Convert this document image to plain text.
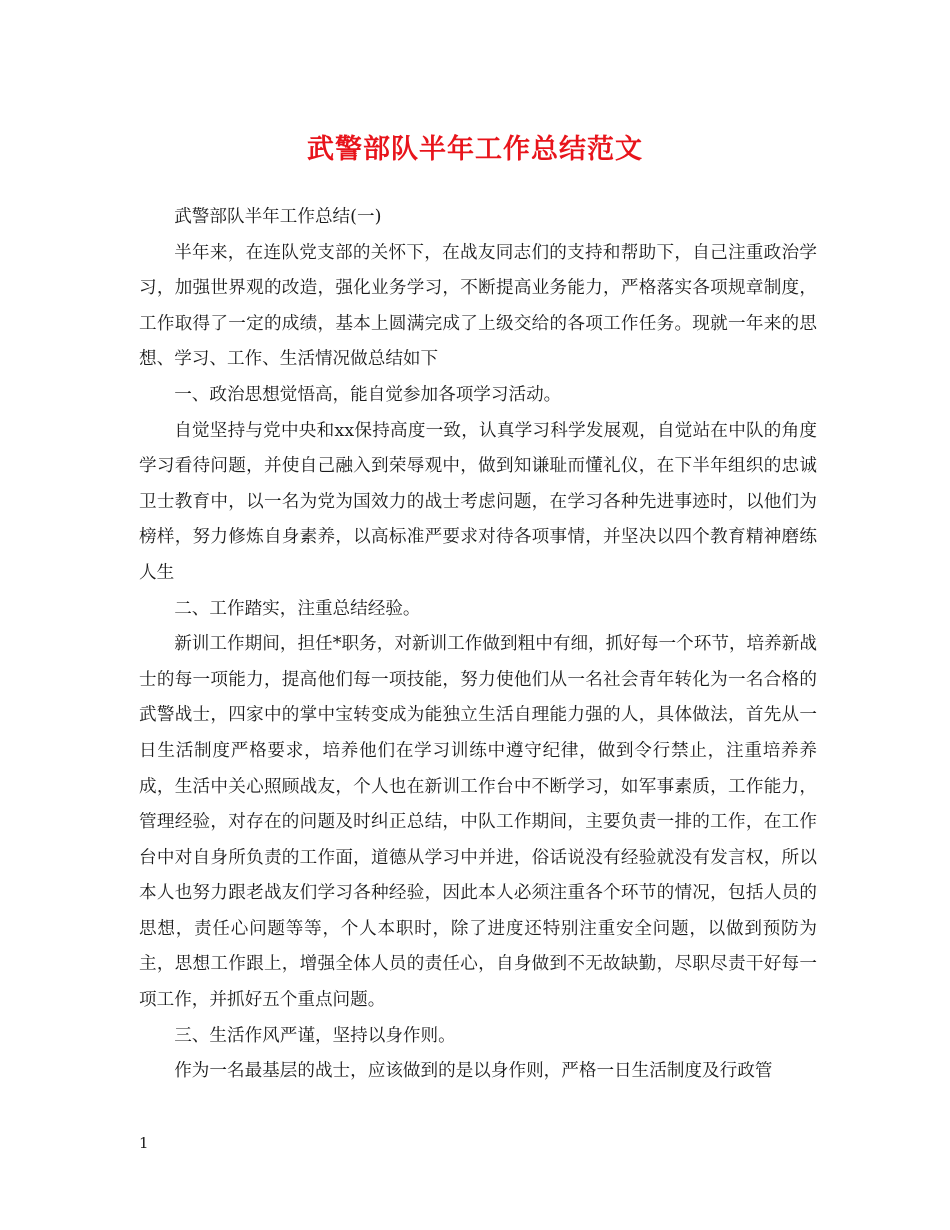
武警部队半年工作总结范文

武警部队半年工作总结(一)

半年来，在连队党支部的关怀下，在战友同志们的支持和帮助下，自己注重政治学习，加强世界观的改造，强化业务学习，不断提高业务能力，严格落实各项规章制度，工作取得了一定的成绩，基本上圆满完成了上级交给的各项工作任务。现就一年来的思想、学习、工作、生活情况做总结如下

一、政治思想觉悟高，能自觉参加各项学习活动。

自觉坚持与党中央和xx保持高度一致，认真学习科学发展观，自觉站在中队的角度学习看待问题，并使自己融入到荣辱观中，做到知谦耻而懂礼仪，在下半年组织的忠诚卫士教育中，以一名为党为国效力的战士考虑问题，在学习各种先进事迹时，以他们为榜样，努力修炼自身素养，以高标准严要求对待各项事情，并坚决以四个教育精神磨练人生

二、工作踏实，注重总结经验。

新训工作期间，担任*职务，对新训工作做到粗中有细，抓好每一个环节，培养新战士的每一项能力，提高他们每一项技能，努力使他们从一名社会青年转化为一名合格的武警战士，四家中的掌中宝转变成为能独立生活自理能力强的人，具体做法，首先从一日生活制度严格要求，培养他们在学习训练中遵守纪律，做到令行禁止，注重培养养成，生活中关心照顾战友，个人也在新训工作台中不断学习，如军事素质，工作能力，管理经验，对存在的问题及时纠正总结，中队工作期间，主要负责一排的工作，在工作台中对自身所负责的工作面，道德从学习中并进，俗话说没有经验就没有发言权，所以本人也努力跟老战友们学习各种经验，因此本人必须注重各个环节的情况，包括人员的思想，责任心问题等等，个人本职时，除了进度还特别注重安全问题，以做到预防为主，思想工作跟上，增强全体人员的责任心，自身做到不无故缺勤，尽职尽责干好每一项工作，并抓好五个重点问题。

三、生活作风严谨，坚持以身作则。

作为一名最基层的战士，应该做到的是以身作则，严格一日生活制度及行政管

1
